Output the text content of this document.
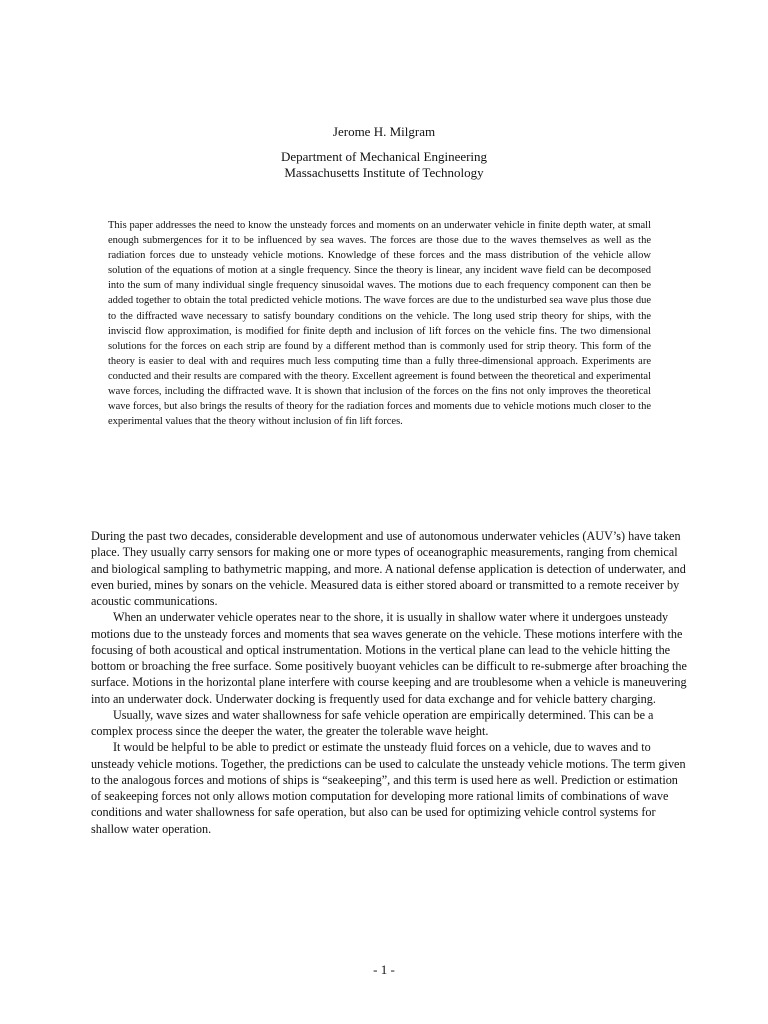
Jerome H. Milgram

Department of Mechanical Engineering

Massachusetts Institute of Technology

This paper addresses the need to know the unsteady forces and moments on an underwater vehicle in finite depth water, at small enough submergences for it to be influenced by sea waves. The forces are those due to the waves themselves as well as the radiation forces due to unsteady vehicle motions. Knowledge of these forces and the mass distribution of the vehicle allow solution of the equations of motion at a single frequency. Since the theory is linear, any incident wave field can be decomposed into the sum of many individual single frequency sinusoidal waves. The motions due to each frequency component can then be added together to obtain the total predicted vehicle motions. The wave forces are due to the undisturbed sea wave plus those due to the diffracted wave necessary to satisfy boundary conditions on the vehicle. The long used strip theory for ships, with the inviscid flow approximation, is modified for finite depth and inclusion of lift forces on the vehicle fins. The two dimensional solutions for the forces on each strip are found by a different method than is commonly used for strip theory. This form of the theory is easier to deal with and requires much less computing time than a fully three-dimensional approach. Experiments are conducted and their results are compared with the theory. Excellent agreement is found between the theoretical and experimental wave forces, including the diffracted wave. It is shown that inclusion of the forces on the fins not only improves the theoretical wave forces, but also brings the results of theory for the radiation forces and moments due to vehicle motions much closer to the experimental values that the theory without inclusion of fin lift forces.

During the past two decades, considerable development and use of autonomous underwater vehicles (AUV’s) have taken place. They usually carry sensors for making one or more types of oceanographic measurements, ranging from chemical and biological sampling to bathymetric mapping, and more. A national defense application is detection of underwater, and even buried, mines by sonars on the vehicle. Measured data is either stored aboard or transmitted to a remote receiver by acoustic communications.

When an underwater vehicle operates near to the shore, it is usually in shallow water where it undergoes unsteady motions due to the unsteady forces and moments that sea waves generate on the vehicle. These motions interfere with the focusing of both acoustical and optical instrumentation. Motions in the vertical plane can lead to the vehicle hitting the bottom or broaching the free surface. Some positively buoyant vehicles can be difficult to re-submerge after broaching the surface. Motions in the horizontal plane interfere with course keeping and are troublesome when a vehicle is maneuvering into an underwater dock. Underwater docking is frequently used for data exchange and for vehicle battery charging.

Usually, wave sizes and water shallowness for safe vehicle operation are empirically determined. This can be a complex process since the deeper the water, the greater the tolerable wave height.

It would be helpful to be able to predict or estimate the unsteady fluid forces on a vehicle, due to waves and to unsteady vehicle motions. Together, the predictions can be used to calculate the unsteady vehicle motions. The term given to the analogous forces and motions of ships is “seakeeping”, and this term is used here as well. Prediction or estimation of seakeeping forces not only allows motion computation for developing more rational limits of combinations of wave conditions and water shallowness for safe operation, but also can be used for optimizing vehicle control systems for shallow water operation.

- 1 -
